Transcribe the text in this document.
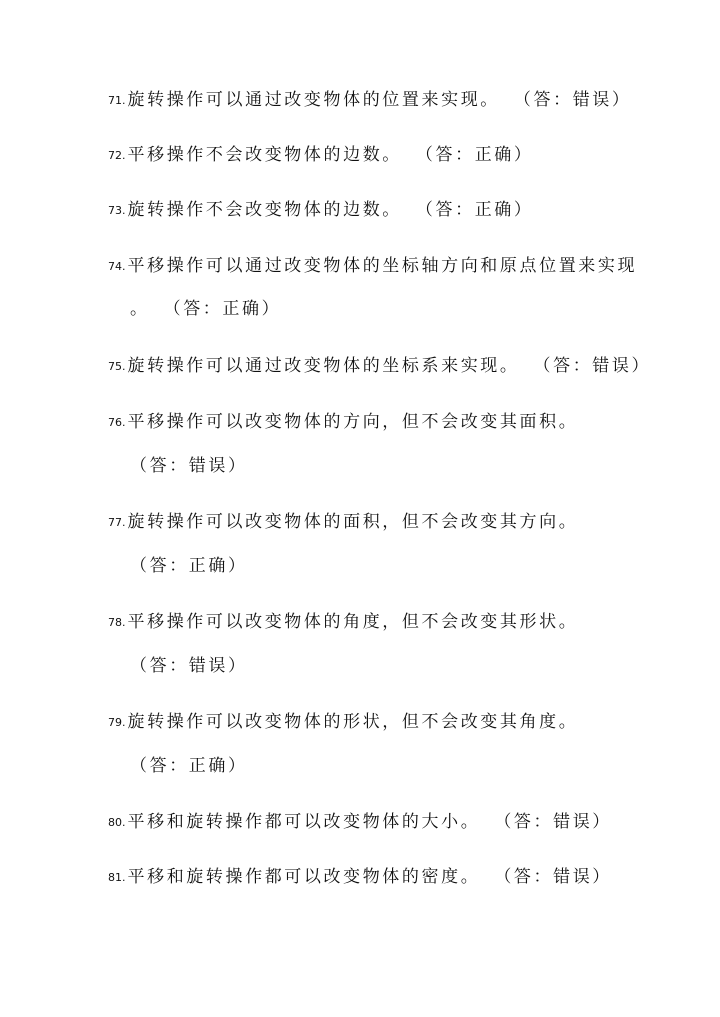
71. 旋转操作可以通过改变物体的位置来实现。 （答：错误）
72. 平移操作不会改变物体的边数。 （答：正确）
73. 旋转操作不会改变物体的边数。 （答：正确）
74. 平移操作可以通过改变物体的坐标轴方向和原点位置来实现
。 （答：正确）
75. 旋转操作可以通过改变物体的坐标系来实现。 （答：错误）
76. 平移操作可以改变物体的方向，但不会改变其面积。
（答：错误）
77. 旋转操作可以改变物体的面积，但不会改变其方向。
（答：正确）
78. 平移操作可以改变物体的角度，但不会改变其形状。
（答：错误）
79. 旋转操作可以改变物体的形状，但不会改变其角度。
（答：正确）
80. 平移和旋转操作都可以改变物体的大小。 （答：错误）
81. 平移和旋转操作都可以改变物体的密度。 （答：错误）
